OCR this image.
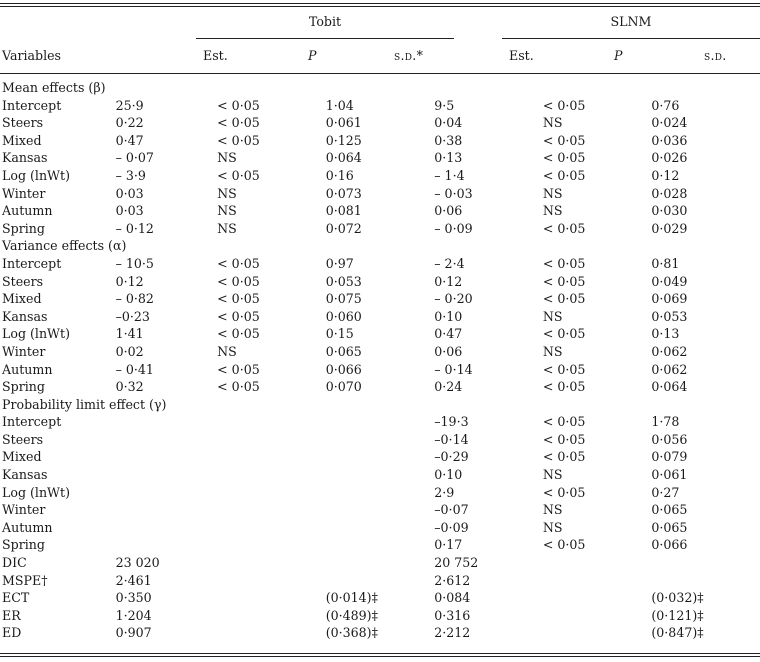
Tobit	SLNM
Variables	Est.	P	s.d.*	Est.	P	s.d.
Mean effects (β)						
Intercept	25·9	< 0·05	1·04	9·5	< 0·05	0·76
Steers	0·22	< 0·05	0·061	0·04	NS	0·024
Mixed	0·47	< 0·05	0·125	0·38	< 0·05	0·036
Kansas	– 0·07	NS	0·064	0·13	< 0·05	0·026
Log (lnWt)	– 3·9	< 0·05	0·16	– 1·4	< 0·05	0·12
Winter	0·03	NS	0·073	– 0·03	NS	0·028
Autumn	0·03	NS	0·081	0·06	NS	0·030
Spring	– 0·12	NS	0·072	– 0·09	< 0·05	0·029
Variance effects (α)						
Intercept	– 10·5	< 0·05	0·97	– 2·4	< 0·05	0·81
Steers	0·12	< 0·05	0·053	0·12	< 0·05	0·049
Mixed	– 0·82	< 0·05	0·075	– 0·20	< 0·05	0·069
Kansas	–0·23	< 0·05	0·060	0·10	NS	0·053
Log (lnWt)	1·41	< 0·05	0·15	0·47	< 0·05	0·13
Winter	0·02	NS	0·065	0·06	NS	0·062
Autumn	– 0·41	< 0·05	0·066	– 0·14	< 0·05	0·062
Spring	0·32	< 0·05	0·070	0·24	< 0·05	0·064
Probability limit effect (γ)						
Intercept				–19·3	< 0·05	1·78
Steers				–0·14	< 0·05	0·056
Mixed				–0·29	< 0·05	0·079
Kansas				0·10	NS	0·061
Log (lnWt)				2·9	< 0·05	0·27
Winter				–0·07	NS	0·065
Autumn				–0·09	NS	0·065
Spring				0·17	< 0·05	0·066
DIC	23 020			20 752		
MSPE†	2·461			2·612		
ECT	0·350		(0·014)‡	0·084		(0·032)‡
ER	1·204		(0·489)‡	0·316		(0·121)‡
ED	0·907		(0·368)‡	2·212		(0·847)‡
